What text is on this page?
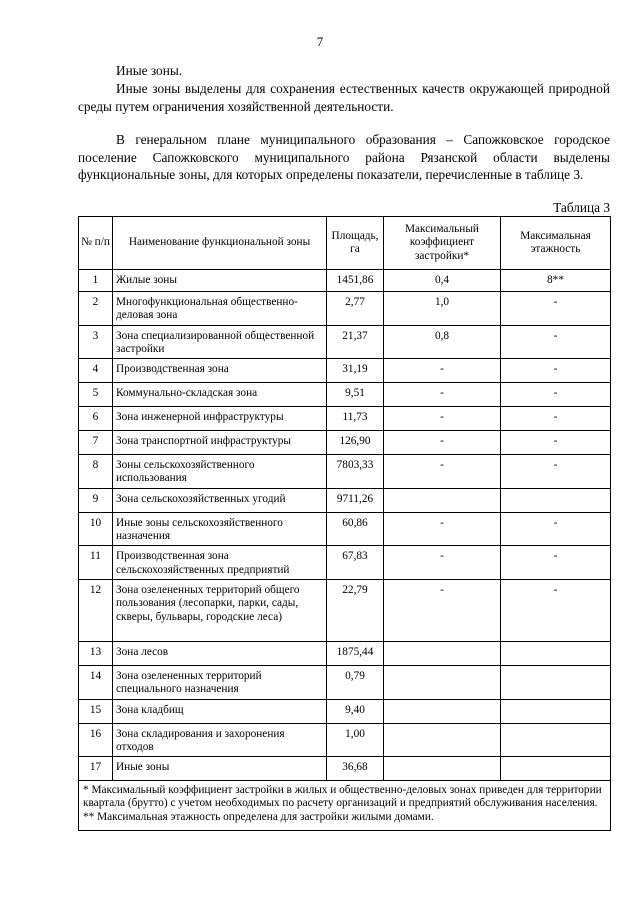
7

Иные зоны.

Иные зоны выделены для сохранения естественных качеств окружающей природной среды путем ограничения хозяйственной деятельности.

В генеральном плане муниципального образования – Сапожковское городское поселение Сапожковского муниципального района Рязанской области выделены функциональные зоны, для которых определены показатели, перечисленные в таблице 3.

Таблица 3
№ п/п	Наименование функциональной зоны	Площадь, га	Максимальный коэффициент застройки*	Максимальная этажность
1	Жилые зоны	1451,86	0,4	8**
2	Многофункциональная общественно-деловая зона	2,77	1,0	-
3	Зона специализированной общественной застройки	21,37	0,8	-
4	Производственная зона	31,19	-	-
5	Коммунально-складская зона	9,51	-	-
6	Зона инженерной инфраструктуры	11,73	-	-
7	Зона транспортной инфраструктуры	126,90	-	-
8	Зоны сельскохозяйственного использования	7803,33	-	-
9	Зона сельскохозяйственных угодий	9711,26		
10	Иные зоны сельскохозяйственного назначения	60,86	-	-
11	Производственная зона сельскохозяйственных предприятий	67,83	-	-
12	Зона озелененных территорий общего пользования (лесопарки, парки, сады, скверы, бульвары, городские леса)	22,79	-	-
13	Зона лесов	1875,44		
14	Зона озелененных территорий специального назначения	0,79		
15	Зона кладбищ	9,40		
16	Зона складирования и захоронения отходов	1,00		
17	Иные зоны	36,68		

* Максимальный коэффициент застройки в жилых и общественно-деловых зонах приведен для территории квартала (брутто) с учетом необходимых по расчету организаций и предприятий обслуживания населения.

** Максимальная этажность определена для застройки жилыми домами.				
